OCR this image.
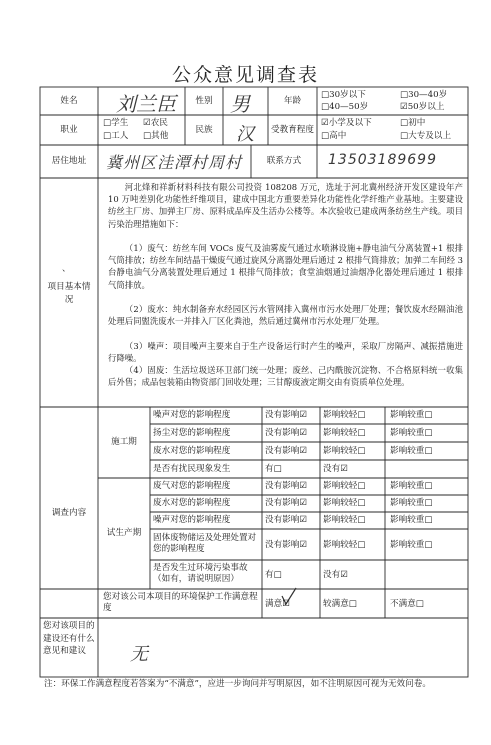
公众意见调查表
姓名	刘兰臣	性别 男	年龄
□30岁以下	□30—40岁
□40—50岁	☑50岁以上
职业
□学生 ☑农民
□工人 □其他
民族	汉	受教育程度
☑小学及以下	□初中
□高中	□大专及以上
居住地址	冀州区洼潭村周村	联系方式	13503189699
、
项目基本情况
河北烽和祥新材料科技有限公司投资 108208 万元，选址于河北冀州经济开发区建设年产 10 万吨差别化功能性纤维项目，建成中国北方重要差异化功能性化学纤维产业基地。主要建设纺丝主厂房、加弹主厂房、原料成品库及生活办公楼等。本次验收已建成两条纺丝生产线。项目污染治理措施如下：
（1）废气：纺丝车间 VOCs 废气及油雾废气通过水喷淋设施+静电油气分离装置+1 根排气筒排放；纺丝车间结晶干燥废气通过旋风分离器处理后通过 2 根排气筒排放；加弹二车间经 3 台静电油气分离装置处理后通过 1 根排气筒排放；食堂油烟通过油烟净化器处理后通过 1 根排气筒排放。
（2）废水：纯水制备弃水经园区污水管网排入冀州市污水处理厂处理；餐饮废水经隔油池处理后同盥洗废水一并排入厂区化粪池，然后通过冀州市污水处理厂处理。
（3）噪声：项目噪声主要来自于生产设备运行时产生的噪声，采取厂房隔声、减振措施进行降噪。
（4）固废：生活垃圾送环卫部门统一处理；废丝、己内酰胺沉淀物、不合格原料统一收集后外售；成品包装箱由物资部门回收处理；三甘醇废液定期交由有资质单位处理。
调查内容
施工期
试生产期
噪声对您的影响程度	没有影响☑ 影响较轻□	影响较重□
扬尘对您的影响程度	没有影响☑ 影响较轻□	影响较重□
废水对您的影响程度	没有影响☑ 影响较轻□	影响较重□
是否有扰民现象发生	有□	没有☑
废气对您的影响程度	没有影响☑ 影响较轻□	影响较重□
废水对您的影响程度	没有影响☑ 影响较轻□	影响较重□
噪声对您的影响程度	没有影响☑ 影响较轻□	影响较重□
固体废物储运及处理处置对您的影响程度	没有影响☑ 影响较轻□	影响较重□
是否发生过环境污染事故（如有，请说明原因）	有□	没有☑
您对该公司本项目的环境保护工作满意程度	满意☑	较满意□	不满意□
您对该项目的建设还有什么意见和建议	无
注：环保工作满意程度若答案为“不满意”，应进一步询问并写明原因，如不注明原因可视为无效问卷。
